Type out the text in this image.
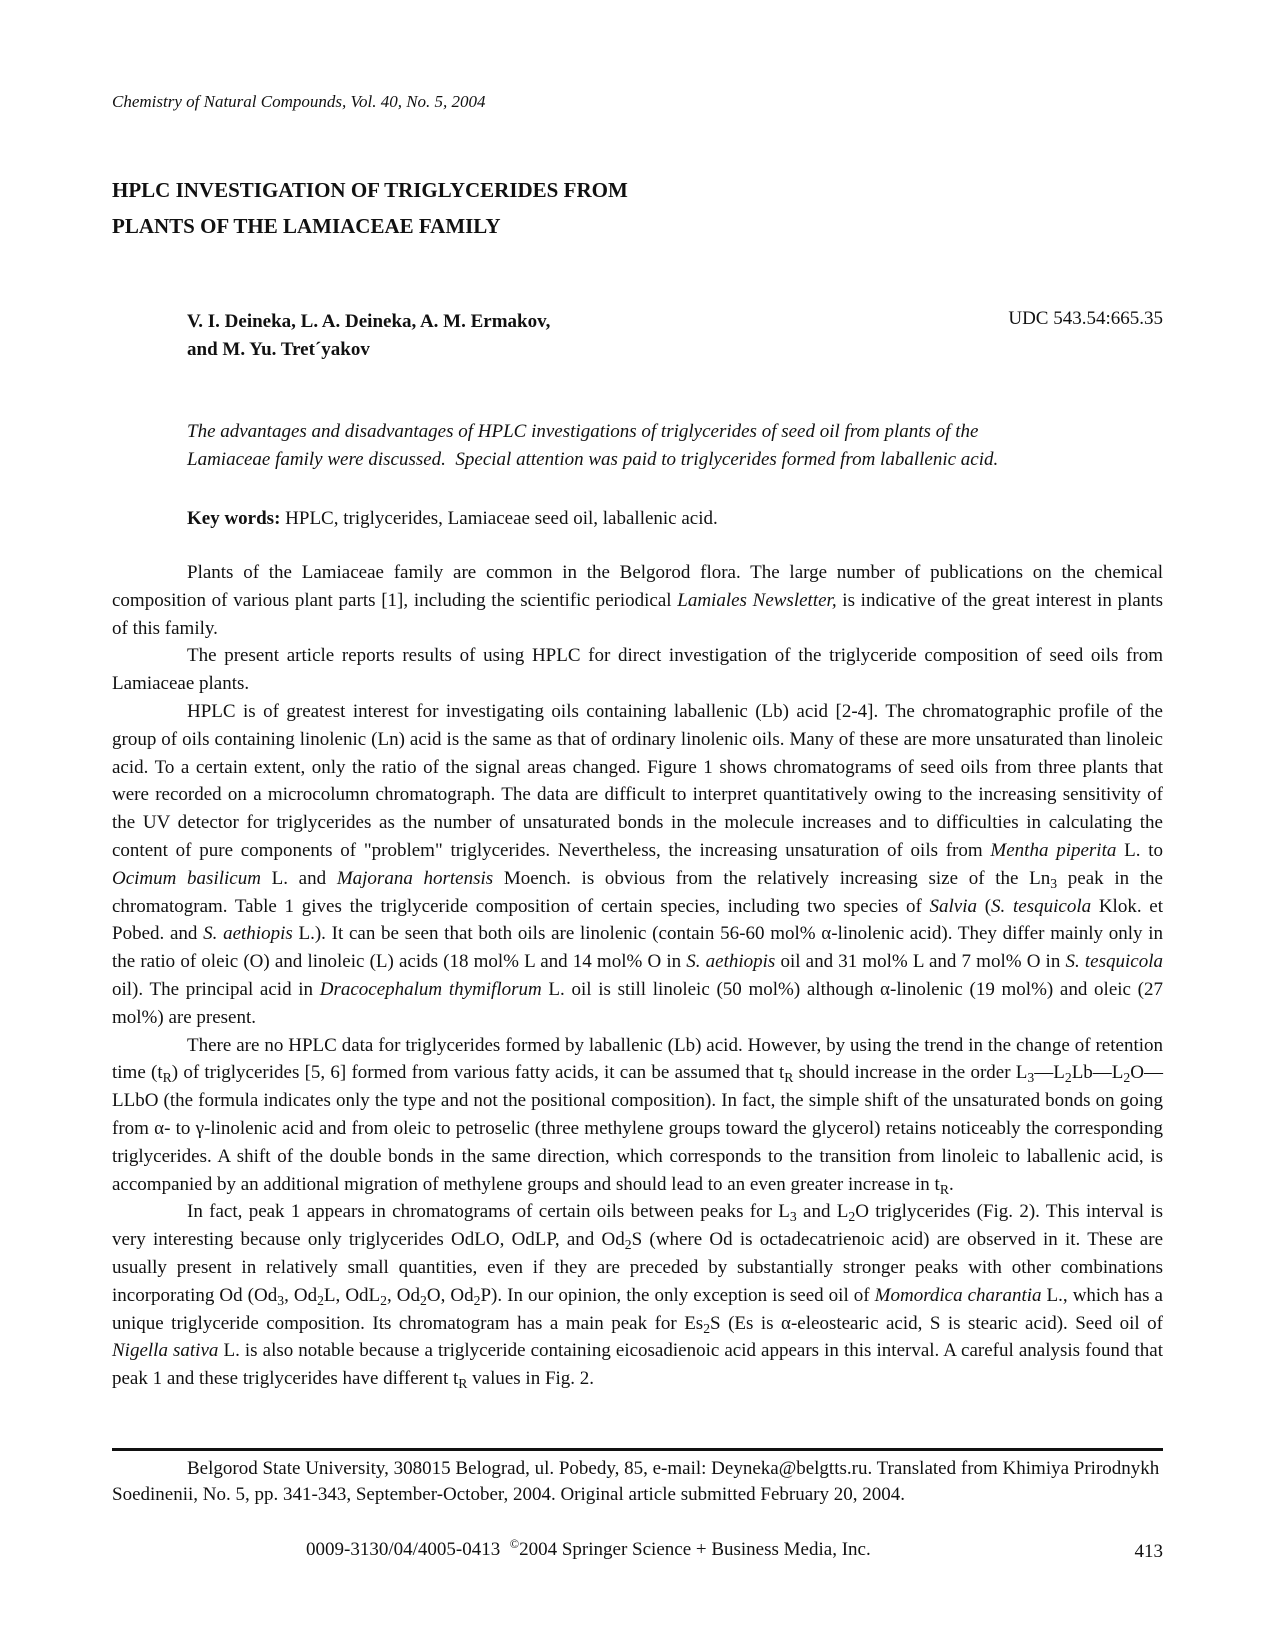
Chemistry of Natural Compounds, Vol. 40, No. 5, 2004
HPLC INVESTIGATION OF TRIGLYCERIDES FROM
PLANTS OF THE LAMIACEAE FAMILY
V. I. Deineka, L. A. Deineka, A. M. Ermakov,
and M. Yu. Tret´yakov
UDC 543.54:665.35
The advantages and disadvantages of HPLC investigations of triglycerides of seed oil from plants of the
Lamiaceae family were discussed.  Special attention was paid to triglycerides formed from laballenic acid.
Key words: HPLC, triglycerides, Lamiaceae seed oil, laballenic acid.

Plants of the Lamiaceae family are common in the Belgorod flora. The large number of publications on the chemical composition of various plant parts [1], including the scientific periodical Lamiales Newsletter, is indicative of the great interest in plants of this family.

The present article reports results of using HPLC for direct investigation of the triglyceride composition of seed oils from Lamiaceae plants.

HPLC is of greatest interest for investigating oils containing laballenic (Lb) acid [2-4]. The chromatographic profile of the group of oils containing linolenic (Ln) acid is the same as that of ordinary linolenic oils. Many of these are more unsaturated than linoleic acid. To a certain extent, only the ratio of the signal areas changed. Figure 1 shows chromatograms of seed oils from three plants that were recorded on a microcolumn chromatograph. The data are difficult to interpret quantitatively owing to the increasing sensitivity of the UV detector for triglycerides as the number of unsaturated bonds in the molecule increases and to difficulties in calculating the content of pure components of "problem" triglycerides. Nevertheless, the increasing unsaturation of oils from Mentha piperita L. to Ocimum basilicum L. and Majorana hortensis Moench. is obvious from the relatively increasing size of the $Ln_3$ peak in the chromatogram. Table 1 gives the triglyceride composition of certain species, including two species of Salvia (S. tesquicola Klok. et Pobed. and S. aethiopis L.). It can be seen that both oils are linolenic (contain 56-60 mol% α-linolenic acid). They differ mainly only in the ratio of oleic (O) and linoleic (L) acids (18 mol% L and 14 mol% O in S. aethiopis oil and 31 mol% L and 7 mol% O in S. tesquicola oil). The principal acid in Dracocephalum thymiflorum L. oil is still linoleic (50 mol%) although α-linolenic (19 mol%) and oleic (27 mol%) are present.

There are no HPLC data for triglycerides formed by laballenic (Lb) acid. However, by using the trend in the change of retention time $(t_R)$ of triglycerides [5, 6] formed from various fatty acids, it can be assumed that $t_R$ should increase in the order $L_3—L_2Lb—L_2O—LLbO$ (the formula indicates only the type and not the positional composition). In fact, the simple shift of the unsaturated bonds on going from α- to γ-linolenic acid and from oleic to petroselic (three methylene groups toward the glycerol) retains noticeably the corresponding triglycerides. A shift of the double bonds in the same direction, which corresponds to the transition from linoleic to laballenic acid, is accompanied by an additional migration of methylene groups and should lead to an even greater increase in $t_R$.

In fact, peak 1 appears in chromatograms of certain oils between peaks for $L_3$ and $L_2O$ triglycerides (Fig. 2). This interval is very interesting because only triglycerides OdLO, OdLP, and $Od_2S$ (where Od is octadecatrienoic acid) are observed in it. These are usually present in relatively small quantities, even if they are preceded by substantially stronger peaks with other combinations incorporating Od ($Od_3$, $Od_2L$, OdL$_2$, $Od_2O$, $Od_2P$). In our opinion, the only exception is seed oil of Momordica charantia L., which has a unique triglyceride composition. Its chromatogram has a main peak for $Es_2S$ (Es is α-eleostearic acid, S is stearic acid). Seed oil of Nigella sativa L. is also notable because a triglyceride containing eicosadienoic acid appears in this interval. A careful analysis found that peak 1 and these triglycerides have different $t_R$ values in Fig. 2.

Belgorod State University, 308015 Belograd, ul. Pobedy, 85, e-mail: Deyneka@belgtts.ru. Translated from Khimiya Prirodnykh Soedinenii, No. 5, pp. 341-343, September-October, 2004. Original article submitted February 20, 2004.
0009-3130/04/4005-0413  ©2004 Springer Science + Business Media, Inc.	413
